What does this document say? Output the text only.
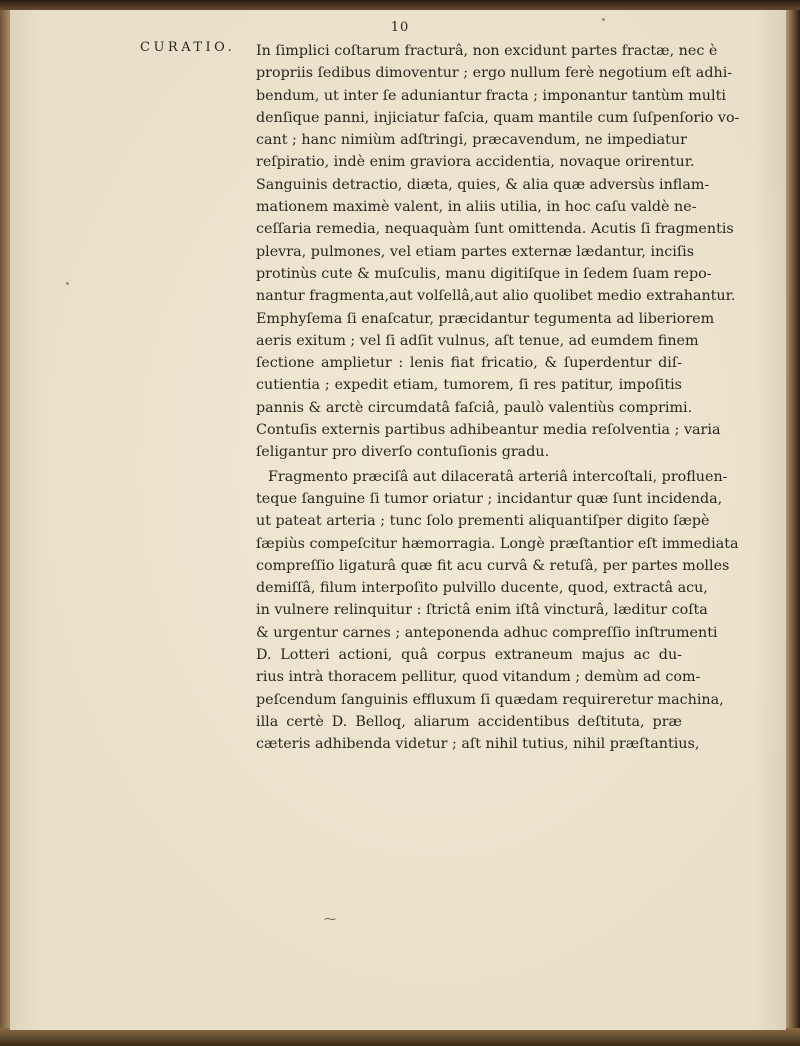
10
CURATIO. In ſimplici coſtarum fracturâ, non excidunt partes fractæ, nec è
propriis ſedibus dimoventur ; ergo nullum ferè negotium eſt adhi-
bendum, ut inter ſe aduniantur fracta ; imponantur tantùm multi
denſique panni, injiciatur faſcia, quam mantile cum ſuſpenſorio vo-
cant ; hanc nimiùm adſtringi, præcavendum, ne impediatur
reſpiratio, indè enim graviora accidentia, novaque orirentur.
Sanguinis detractio, diæta, quies, & alia quæ adversùs inflam-
mationem maximè valent, in aliis utilia, in hoc caſu valdè ne-
ceſſaria remedia, nequaquàm ſunt omittenda. Acutis ſi fragmentis
plevra, pulmones, vel etiam partes externæ lædantur, inciſis
protinùs cute & muſculis, manu digitiſque in ſedem ſuam repo-
nantur fragmenta,aut volſellâ,aut alio quolibet medio extrahantur.
Emphyſema ſi enaſcatur, præcidantur tegumenta ad liberiorem
aeris exitum ; vel ſi adſit vulnus, aſt tenue, ad eumdem finem
ſectione amplietur : lenis fiat fricatio, & ſuperdentur diſ-
cutientia ; expedit etiam, tumorem, ſi res patitur, impoſitis
pannis & arctè circumdatâ faſciâ, paulò valentiùs comprimi.
Contuſis externis partibus adhibeantur media reſolventia ; varia
ſeligantur pro diverſo contuſionis gradu.
Fragmento præciſâ aut dilaceratâ arteriâ intercoſtali, profluen-
teque ſanguine ſi tumor oriatur ; incidantur quæ ſunt incidenda,
ut pateat arteria ; tunc ſolo prementi aliquantiſper digito ſæpè
ſæpiùs compeſcitur hæmorragia. Longè præſtantior eſt immediata
compreſſio ligaturâ quæ fit acu curvâ & retuſâ, per partes molles
demiſſâ, filum interpoſito pulvillo ducente, quod, extractâ acu,
in vulnere relinquitur : ſtrictâ enim iſtâ vincturâ, læditur coſta
& urgentur carnes ; anteponenda adhuc compreſſio inſtrumenti
D. Lotteri actioni, quâ corpus extraneum majus ac du-
rius intrà thoracem pellitur, quod vitandum ; demùm ad com-
peſcendum ſanguinis effluxum ſi quædam requireretur machina,
illa certè D. Belloq, aliarum accidentibus deſtituta, præ
cæteris adhibenda videtur ; aſt nihil tutius, nihil præſtantius,
⁓
